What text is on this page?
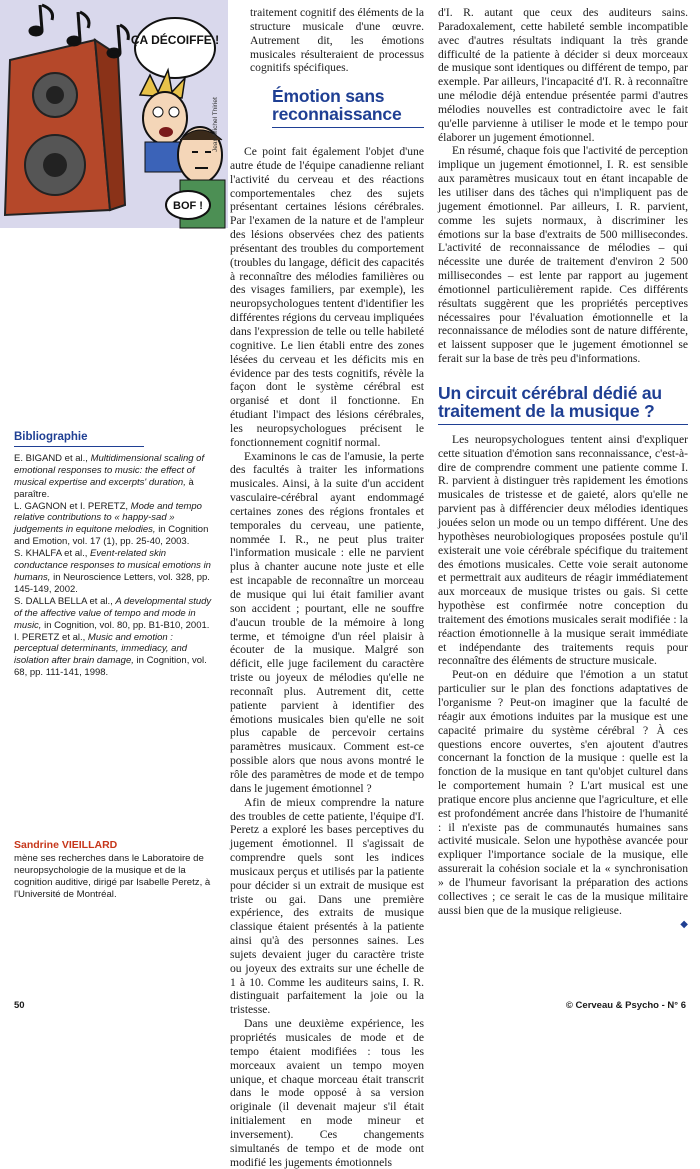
ÇA DÉCOIFFE !
BOF !
Jean-Michel Thiriet

traitement cognitif des éléments de la structure musicale d'une œuvre. Autrement dit, les émotions musicales résulteraient de processus cognitifs spécifiques.

Émotion sans reconnaissance

Ce point fait également l'objet d'une autre étude de l'équipe canadienne reliant l'activité du cerveau et des réactions comportementales chez des sujets présentant certaines lésions cérébrales. Par l'examen de la nature et de l'ampleur des lésions observées chez des patients présentant des troubles du comportement (troubles du langage, déficit des capacités à reconnaître des mélodies familières ou des visages familiers, par exemple), les neuropsychologues tentent d'identifier les différentes régions du cerveau impliquées dans l'expression de telle ou telle habileté cognitive. Le lien établi entre des zones lésées du cerveau et les déficits mis en évidence par des tests cognitifs, révèle la façon dont le système cérébral est organisé et dont il fonctionne. En étudiant l'impact des lésions cérébrales, les neuropsychologues précisent le fonctionnement cognitif normal.

Examinons le cas de l'amusie, la perte des facultés à traiter les informations musicales. Ainsi, à la suite d'un accident vasculaire-cérébral ayant endommagé certaines zones des régions frontales et temporales du cerveau, une patiente, nommée I. R., ne peut plus traiter l'information musicale : elle ne parvient plus à chanter aucune note juste et elle est incapable de reconnaître un morceau de musique qui lui était familier avant son accident ; pourtant, elle ne souffre d'aucun trouble de la mémoire à long terme, et témoigne d'un réel plaisir à écouter de la musique. Malgré son déficit, elle juge facilement du caractère triste ou joyeux de mélodies qu'elle ne reconnaît plus. Autrement dit, cette patiente parvient à identifier des émotions musicales bien qu'elle ne soit plus capable de percevoir certains paramètres musicaux. Comment est-ce possible alors que nous avons montré le rôle des paramètres de mode et de tempo dans le jugement émotionnel ?

Afin de mieux comprendre la nature des troubles de cette patiente, l'équipe d'I. Peretz a exploré les bases perceptives du jugement émotionnel. Il s'agissait de comprendre quels sont les indices musicaux perçus et utilisés par la patiente pour décider si un extrait de musique est triste ou gai. Dans une première expérience, des extraits de musique classique étaient présentés à la patiente ainsi qu'à des personnes saines. Les sujets devaient juger du caractère triste ou joyeux des extraits sur une échelle de 1 à 10. Comme les auditeurs sains, I. R. distinguait parfaitement la joie ou la tristesse.

Dans une deuxième expérience, les propriétés musicales de mode et de tempo étaient modifiées : tous les morceaux avaient un tempo moyen unique, et chaque morceau était transcrit dans le mode opposé à sa version originale (il devenait majeur s'il était initialement en mode mineur et inversement). Ces changements simultanés de tempo et de mode ont modifié les jugements émotionnels

d'I. R. autant que ceux des auditeurs sains. Paradoxalement, cette habileté semble incompatible avec d'autres résultats indiquant la très grande difficulté de la patiente à décider si deux morceaux de musique sont identiques ou différent de tempo, par exemple. Par ailleurs, l'incapacité d'I. R. à reconnaître une mélodie déjà entendue présentée parmi d'autres mélodies nouvelles est contradictoire avec le fait qu'elle parvienne à utiliser le mode et le tempo pour élaborer un jugement émotionnel.

En résumé, chaque fois que l'activité de perception implique un jugement émotionnel, I. R. est sensible aux paramètres musicaux tout en étant incapable de les utiliser dans des tâches qui n'impliquent pas de jugement émotionnel. Par ailleurs, I. R. parvient, comme les sujets normaux, à discriminer les émotions sur la base d'extraits de 500 millisecondes. L'activité de reconnaissance de mélodies – qui nécessite une durée de traitement d'environ 2 500 millisecondes – est lente par rapport au jugement émotionnel particulièrement rapide. Ces différents résultats suggèrent que les propriétés perceptives nécessaires pour l'évaluation émotionnelle et la reconnaissance de mélodies sont de nature différente, et laissent supposer que le jugement émotionnel se ferait sur la base de très peu d'informations.

Un circuit cérébral dédié au traitement de la musique ?

Les neuropsychologues tentent ainsi d'expliquer cette situation d'émotion sans reconnaissance, c'est-à-dire de comprendre comment une patiente comme I. R. parvient à distinguer très rapidement les émotions musicales de tristesse et de gaieté, alors qu'elle ne parvient pas à différencier deux mélodies identiques jouées selon un mode ou un tempo différent. Une des hypothèses neurobiologiques proposées postule qu'il existerait une voie cérébrale spécifique du traitement des émotions musicales. Cette voie serait autonome et permettrait aux auditeurs de réagir immédiatement aux morceaux de musique tristes ou gais. Si cette hypothèse est confirmée notre conception du traitement des émotions musicales serait modifiée : la réaction émotionnelle à la musique serait immédiate et indépendante des traitements requis pour reconnaître des éléments de structure musicale.

Peut-on en déduire que l'émotion a un statut particulier sur le plan des fonctions adaptatives de l'organisme ? Peut-on imaginer que la faculté de réagir aux émotions induites par la musique est une capacité primaire du système cérébral ? À ces questions encore ouvertes, s'en ajoutent d'autres concernant la fonction de la musique : quelle est la fonction de la musique en tant qu'objet culturel dans le comportement humain ? L'art musical est une pratique encore plus ancienne que l'agriculture, et elle est profondément ancrée dans l'histoire de l'humanité : il n'existe pas de communautés humaines sans activité musicale. Selon une hypothèse avancée pour expliquer l'importance sociale de la musique, elle assurerait la cohésion sociale et la « synchronisation » de l'humeur favorisant la préparation des actions collectives ; ce serait le cas de la musique militaire aussi bien que de la musique religieuse.

◆
Bibliographie
E. BIGAND et al., Multidimensional scaling of emotional responses to music: the effect of musical expertise and excerpts' duration, à paraître.
L. GAGNON et I. PERETZ, Mode and tempo relative contributions to « happy-sad » judgements in equitone melodies, in Cognition and Emotion, vol. 17 (1), pp. 25-40, 2003.
S. KHALFA et al., Event-related skin conductance responses to musical emotions in humans, in Neuroscience Letters, vol. 328, pp. 145-149, 2002.
S. DALLA BELLA et al., A developmental study of the affective value of tempo and mode in music, in Cognition, vol. 80, pp. B1-B10, 2001.
I. PERETZ et al., Music and emotion : perceptual determinants, immediacy, and isolation after brain damage, in Cognition, vol. 68, pp. 111-141, 1998.
Sandrine VIEILLARD
mène ses recherches dans le Laboratoire de neuropsychologie de la musique et de la cognition auditive, dirigé par Isabelle Peretz, à l'Université de Montréal.
50	© Cerveau & Psycho - N° 6
